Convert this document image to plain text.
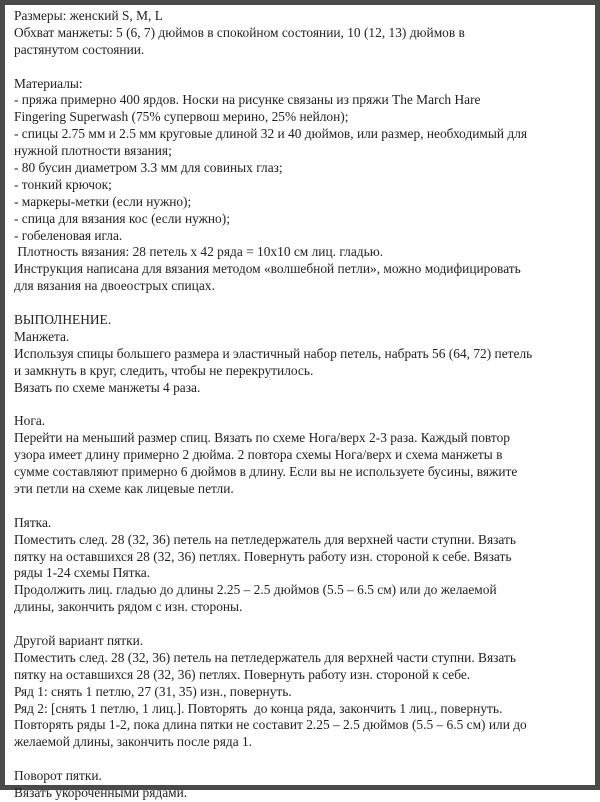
Размеры: женский S, M, L
Обхват манжеты: 5 (6, 7) дюймов в спокойном состоянии, 10 (12, 13) дюймов в
растянутом состоянии.
Материалы:
- пряжа примерно 400 ярдов. Носки на рисунке связаны из пряжи The March Hare
Fingering Superwash (75% супервош мерино, 25% нейлон);
- спицы 2.75 мм и 2.5 мм круговые длиной 32 и 40 дюймов, или размер, необходимый для
нужной плотности вязания;
- 80 бусин диаметром 3.3 мм для совиных глаз;
- тонкий крючок;
- маркеры-метки (если нужно);
- спица для вязания кос (если нужно);
- гобеленовая игла.
Плотность вязания: 28 петель х 42 ряда = 10х10 см лиц. гладью.
Инструкция написана для вязания методом «волшебной петли», можно модифицировать
для вязания на двоеострых спицах.
ВЫПОЛНЕНИЕ.
Манжета.
Используя спицы большего размера и эластичный набор петель, набрать 56 (64, 72) петель
и замкнуть в круг, следить, чтобы не перекрутилось.
Вязать по схеме манжеты 4 раза.
Нога.
Перейти на меньший размер спиц. Вязать по схеме Нога/верх 2-3 раза. Каждый повтор
узора имеет длину примерно 2 дюйма. 2 повтора схемы Нога/верх и схема манжеты в
сумме составляют примерно 6 дюймов в длину. Если вы не используете бусины, вяжите
эти петли на схеме как лицевые петли.
Пятка.
Поместить след. 28 (32, 36) петель на петледержатель для верхней части ступни. Вязать
пятку на оставшихся 28 (32, 36) петлях. Повернуть работу изн. стороной к себе. Вязать
ряды 1-24 схемы Пятка.
Продолжить лиц. гладью до длины 2.25 – 2.5 дюймов (5.5 – 6.5 см) или до желаемой
длины, закончить рядом с изн. стороны.
Другой вариант пятки.
Поместить след. 28 (32, 36) петель на петледержатель для верхней части ступни. Вязать
пятку на оставшихся 28 (32, 36) петлях. Повернуть работу изн. стороной к себе.
Ряд 1: снять 1 петлю, 27 (31, 35) изн., повернуть.
Ряд 2: [снять 1 петлю, 1 лиц.]. Повторять  до конца ряда, закончить 1 лиц., повернуть.
Повторять ряды 1-2, пока длина пятки не составит 2.25 – 2.5 дюймов (5.5 – 6.5 см) или до
желаемой длины, закончить после ряда 1.
Поворот пятки.
Вязать укороченными рядами.
